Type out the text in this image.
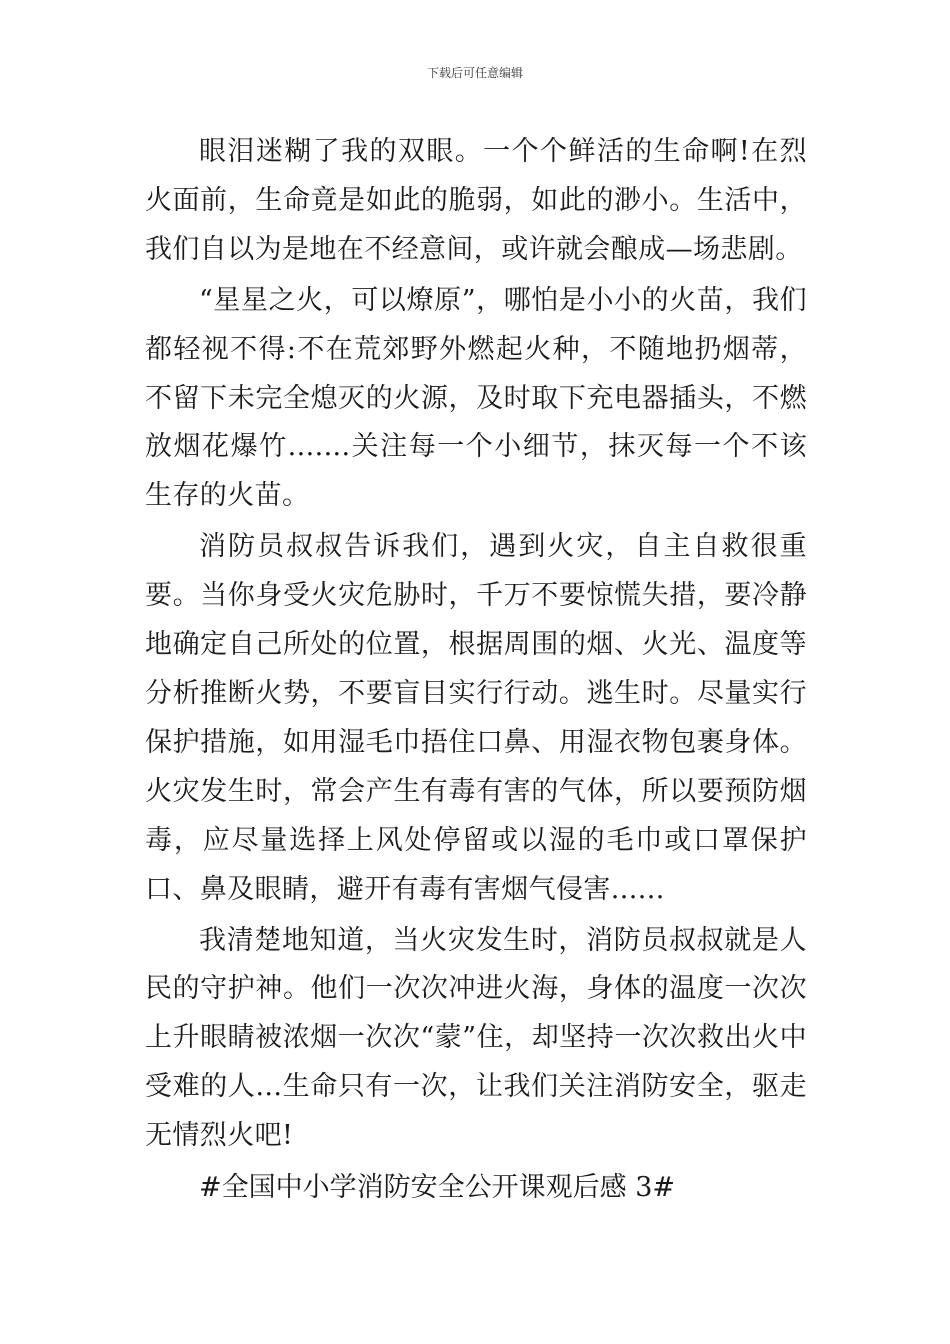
下载后可任意编辑

眼泪迷糊了我的双眼。一个个鲜活的生命啊!在烈火面前，生命竟是如此的脆弱，如此的渺小。生活中，我们自以为是地在不经意间，或许就会酿成—场悲剧。

“星星之火，可以燎原”，哪怕是小小的火苗，我们都轻视不得:不在荒郊野外燃起火种，不随地扔烟蒂，不留下未完全熄灭的火源，及时取下充电器插头，不燃放烟花爆竹.......关注每一个小细节，抹灭每一个不该生存的火苗。

消防员叔叔告诉我们，遇到火灾，自主自救很重要。当你身受火灾危胁时，千万不要惊慌失措，要冷静地确定自己所处的位置，根据周围的烟、火光、温度等分析推断火势，不要盲目实行行动。逃生时。尽量实行保护措施，如用湿毛巾捂住口鼻、用湿衣物包裹身体。火灾发生时，常会产生有毒有害的气体，所以要预防烟毒，应尽量选择上风处停留或以湿的毛巾或口罩保护口、鼻及眼睛，避开有毒有害烟气侵害......

我清楚地知道，当火灾发生时，消防员叔叔就是人民的守护神。他们一次次冲进火海，身体的温度一次次上升眼睛被浓烟一次次“蒙”住，却坚持一次次救出火中受难的人...生命只有一次，让我们关注消防安全，驱走无情烈火吧!

#全国中小学消防安全公开课观后感 3#
